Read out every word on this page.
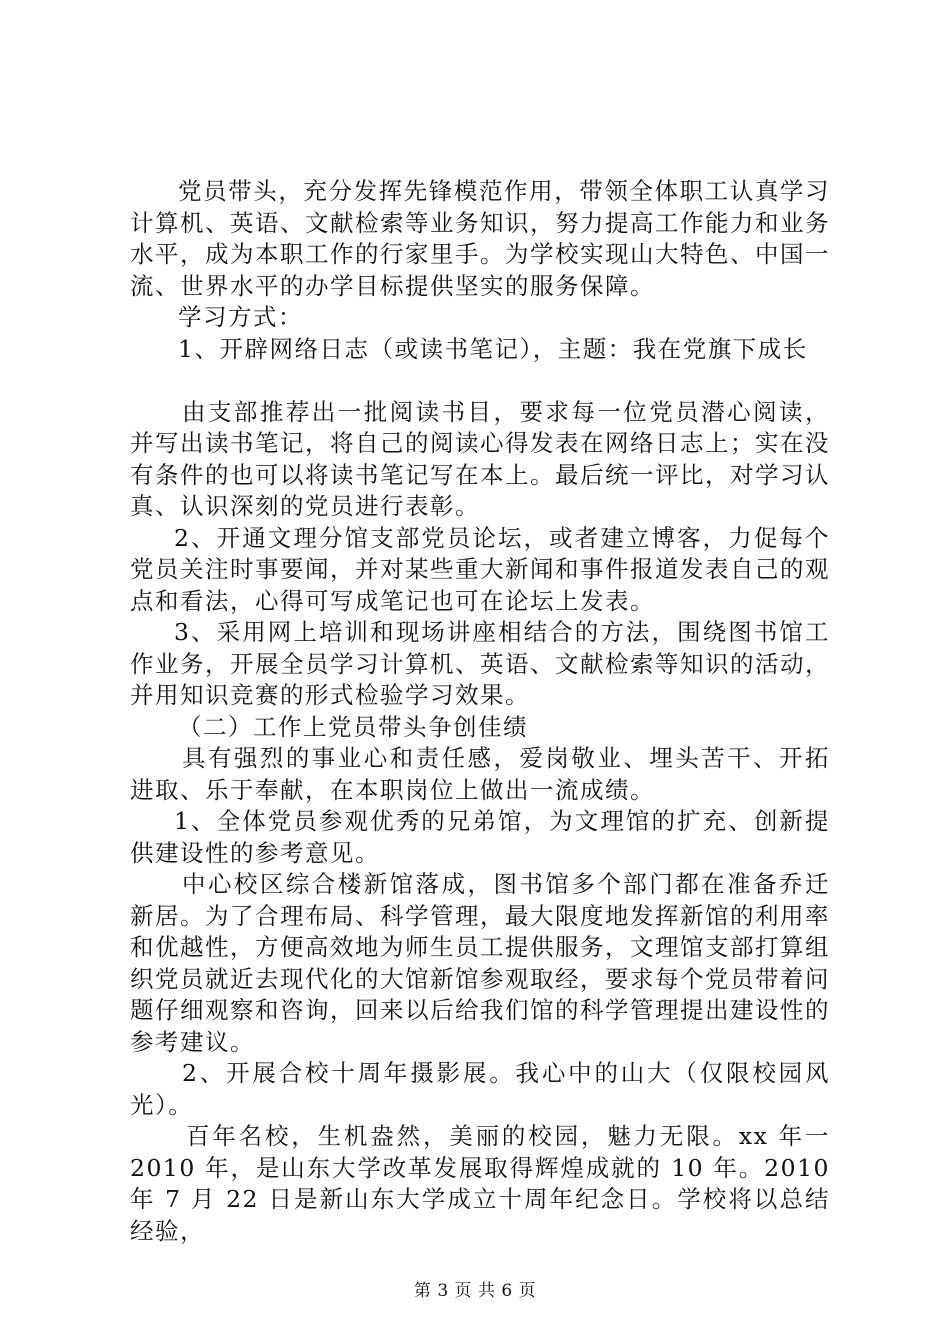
党员带头，充分发挥先锋模范作用，带领全体职工认真学习计算机、英语、文献检索等业务知识，努力提高工作能力和业务水平，成为本职工作的行家里手。为学校实现山大特色、中国一流、世界水平的办学目标提供坚实的服务保障。

学习方式：

1、开辟网络日志（或读书笔记），主题：我在党旗下成长

由支部推荐出一批阅读书目，要求每一位党员潜心阅读，并写出读书笔记，将自己的阅读心得发表在网络日志上；实在没有条件的也可以将读书笔记写在本上。最后统一评比，对学习认真、认识深刻的党员进行表彰。

2、开通文理分馆支部党员论坛，或者建立博客，力促每个党员关注时事要闻，并对某些重大新闻和事件报道发表自己的观点和看法，心得可写成笔记也可在论坛上发表。

3、采用网上培训和现场讲座相结合的方法，围绕图书馆工作业务，开展全员学习计算机、英语、文献检索等知识的活动，并用知识竞赛的形式检验学习效果。

（二）工作上党员带头争创佳绩

具有强烈的事业心和责任感，爱岗敬业、埋头苦干、开拓进取、乐于奉献，在本职岗位上做出一流成绩。

1、全体党员参观优秀的兄弟馆，为文理馆的扩充、创新提供建设性的参考意见。

中心校区综合楼新馆落成，图书馆多个部门都在准备乔迁新居。为了合理布局、科学管理，最大限度地发挥新馆的利用率和优越性，方便高效地为师生员工提供服务，文理馆支部打算组织党员就近去现代化的大馆新馆参观取经，要求每个党员带着问题仔细观察和咨询，回来以后给我们馆的科学管理提出建设性的参考建议。

2、开展合校十周年摄影展。我心中的山大（仅限校园风光）。

百年名校，生机盎然，美丽的校园，魅力无限。xx 年一 2010 年，是山东大学改革发展取得辉煌成就的 10 年。2010 年 7 月 22 日是新山东大学成立十周年纪念日。学校将以总结经验，

第 3 页 共 6 页
